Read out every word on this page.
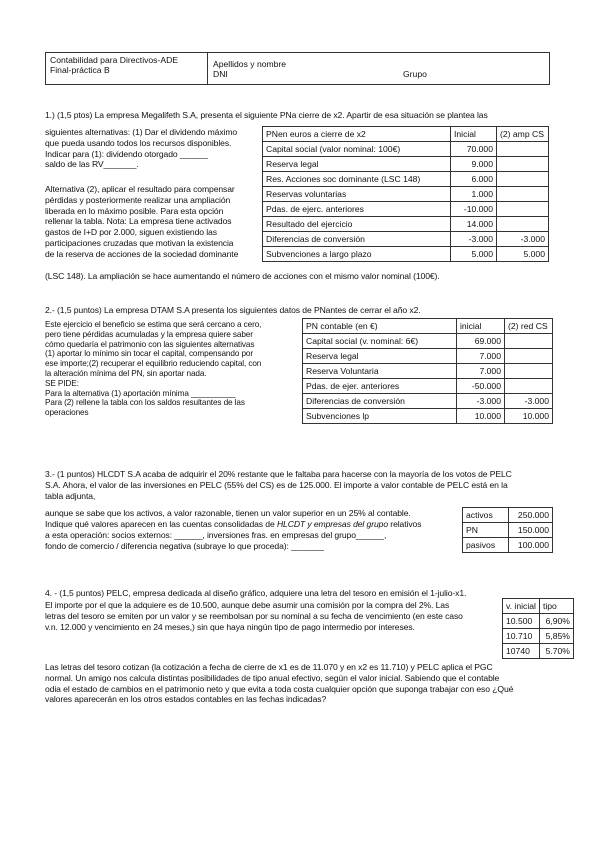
Contabilidad para Directivos-ADE
Final-práctica B
Apellidos y nombre
DNI	Grupo
1.) (1,5 ptos) La empresa Megalifeth S.A, presenta el siguiente PNa cierre de x2. Apartir de esa situación se plantea las
siguientes alternativas: (1) Dar el dividendo máximo
que pueda usando todos los recursos disponibles.
Indicar para (1): dividendo otorgado ______
saldo de las RV_______.
Alternativa (2), aplicar el resultado para compensar
pérdidas y posteriormente realizar una ampliación
liberada en lo máximo posible. Para esta opción
rellenar la tabla. Nota: La empresa tiene activados
gastos de I+D por 2.000, siguen existiendo las
participaciones cruzadas que motivan la existencia
de la reserva de acciones de la sociedad dominante
(LSC 148). La ampliación se hace aumentando el número de acciones con el mismo valor nominal (100€).
PNen euros a cierre de x2	Inicial	(2) amp CS
Capital social (valor nominal: 100€)	70.000	
Reserva legal	9.000	
Res. Acciones soc dominante (LSC 148)	6.000	
Reservas voluntarias	1.000	
Pdas. de ejerc. anteriores	-10.000	
Resultado del ejercicio	14.000	
Diferencias de conversión	-3.000	-3.000
Subvenciones a largo plazo	5.000	5.000
2.- (1,5 puntos) La empresa DTAM S.A presenta los siguientes datos de PNantes de cerrar el año x2.
Este ejercicio el beneficio se estima que será cercano a cero,
pero tiene pérdidas acumuladas y la empresa quiere saber
cómo quedaría el patrimonio con las siguientes alternativas
(1) aportar lo mínimo sin tocar el capital, compensando por
ese importe;(2) recuperar el equilibrio reduciendo capital, con
la alteración mínima del PN, sin aportar nada.
SE PIDE:
Para la alternativa (1) aportación mínima __________
Para (2) rellene la tabla con los saldos resultantes de las
operaciones
PN contable (en €)	inicial	(2) red CS
Capital social (v. nominal: 6€)	69.000	
Reserva legal	7.000	
Reserva Voluntaria	7.000	
Pdas. de ejer. anteriores	-50.000	
Diferencias de conversión	-3.000	-3.000
Subvenciones lp	10.000	10.000
3.- (1 puntos) HLCDT S.A acaba de adquirir el 20% restante que le faltaba para hacerse con la mayoría de los votos de PELC
S.A. Ahora, el valor de las inversiones en PELC (55% del CS) es de 125.000. El importe a valor contable de PELC está en la
tabla adjunta,
aunque se sabe que los activos, a valor razonable, tienen un valor superior en un 25% al contable.
Indique qué valores aparecen en las cuentas consolidadas de HLCDT y empresas del grupo relativos
a esta operación: socios externos: ______, inversiones fras. en empresas del grupo______,
fondo de comercio / diferencia negativa (subraye lo que proceda): _______
activos	250.000
PN	150.000
pasivos	100.000
4. - (1,5 puntos) PELC, empresa dedicada al diseño gráfico, adquiere una letra del tesoro en emisión el 1-julio-x1.
El importe por el que la adquiere es de 10.500, aunque debe asumir una comisión por la compra del 2%. Las
letras del tesoro se emiten por un valor y se reembolsan por su nominal a su fecha de vencimiento (en este caso
v.n. 12.000 y vencimiento en 24 meses,) sin que haya ningún tipo de pago intermedio por intereses.
v. inicial	tipo
10.500	6,90%
10.710	5,85%
10740	5.70%
Las letras del tesoro cotizan (la cotización a fecha de cierre de x1 es de 11.070 y en x2 es 11.710) y PELC aplica el PGC
normal. Un amigo nos calcula distintas posibilidades de tipo anual efectivo, según el valor inicial. Sabiendo que el contable
odia el estado de cambios en el patrimonio neto y que evita a toda costa cualquier opción que suponga trabajar con eso ¿Qué
valores aparecerán en los otros estados contables en las fechas indicadas?
